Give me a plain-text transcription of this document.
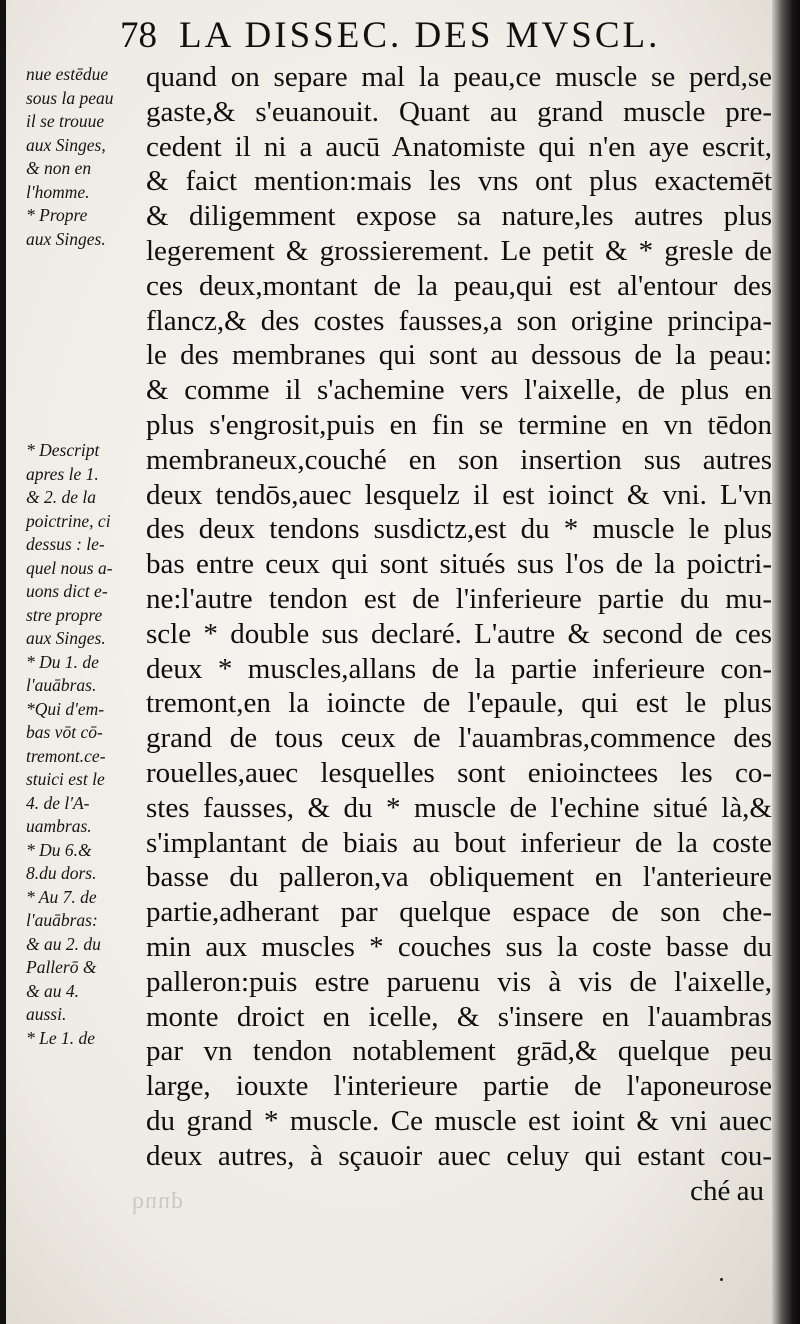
78 LA DISSEC. DES MVSCL.
nue estēdue
sous la peau
il se trouue
aux Singes,
& non en
l'homme.
* Propre
aux Singes.

* Descript
apres le 1.
& 2. de la
poictrine, ci
dessus : le-
quel nous a-
uons dict e-
stre propre
aux Singes.
* Du 1. de
l'auābras.
*Qui d'em-
bas vōt cō-
tremont.ce-
stuici est le
4. de l'A-
uambras.
* Du 6.&
8.du dors.
* Au 7. de
l'auābras:
& au 2. du
Pallerō &
& au 4.
aussi.
* Le 1. de
quand on separe mal la peau,ce muscle se perd,se
gaste,& s'euanouit. Quant au grand muscle pre-
cedent il ni a aucū Anatomiste qui n'en aye escrit,
& faict mention:mais les vns ont plus exactemēt
& diligemment expose sa nature,les autres plus
legerement & grossierement. Le petit & * gresle de
ces deux,montant de la peau,qui est al'entour des
flancz,& des costes fausses,a son origine principa-
le des membranes qui sont au dessous de la peau:
& comme il s'achemine vers l'aixelle, de plus en
plus s'engrosit,puis en fin se termine en vn tēdon
membraneux,couché en son insertion sus autres
deux tendōs,auec lesquelz il est ioinct & vni. L'vn
des deux tendons susdictz,est du * muscle le plus
bas entre ceux qui sont situés sus l'os de la poictri-
ne:l'autre tendon est de l'inferieure partie du mu-
scle * double sus declaré. L'autre & second de ces
deux * muscles,allans de la partie inferieure con-
tremont,en la ioincte de l'epaule, qui est le plus
grand de tous ceux de l'auambras,commence des
rouelles,auec lesquelles sont enioinctees les co-
stes fausses, & du * muscle de l'echine situé là,&
s'implantant de biais au bout inferieur de la coste
basse du palleron,va obliquement en l'anterieure
partie,adherant par quelque espace de son che-
min aux muscles * couches sus la coste basse du
palleron:puis estre paruenu vis à vis de l'aixelle,
monte droict en icelle, & s'insere en l'auambras
par vn tendon notablement grād,& quelque peu
large, iouxte l'interieure partie de l'aponeurose
du grand * muscle. Ce muscle est ioint & vni auec
deux autres, à sçauoir auec celuy qui estant cou-
ché au
buup
